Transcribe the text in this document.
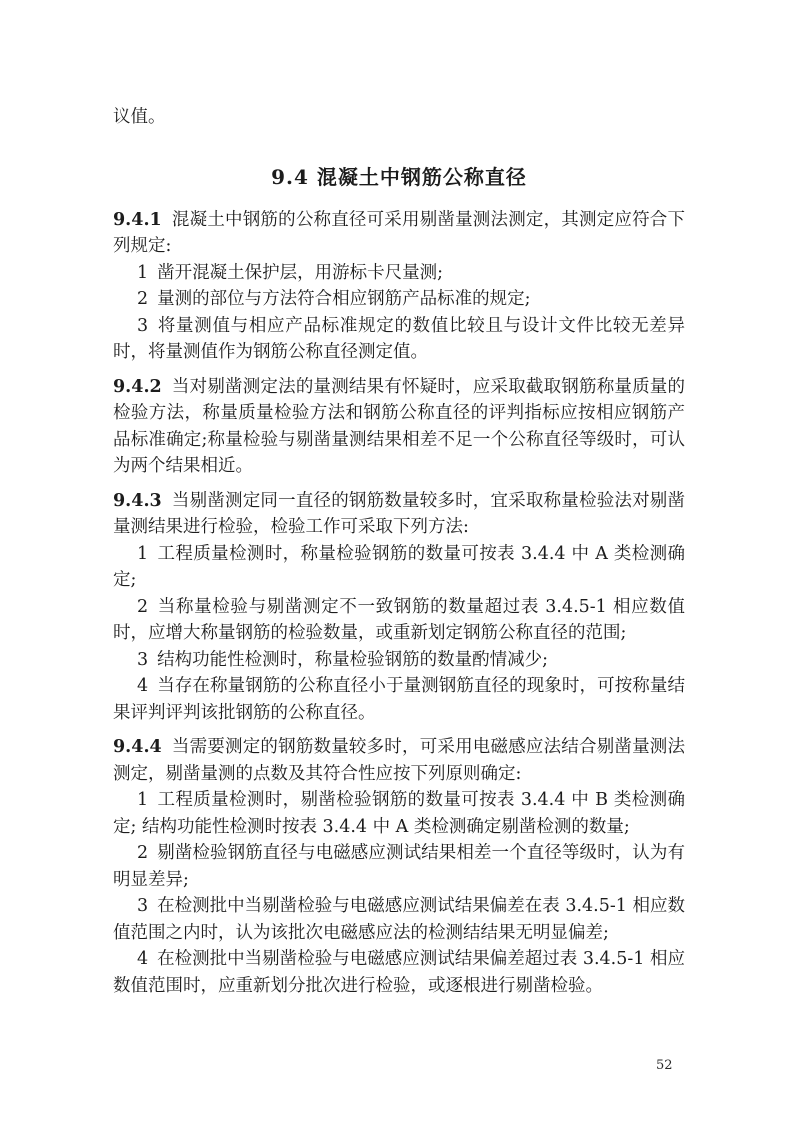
议值。

9.4 混凝土中钢筋公称直径

9.4.1 混凝土中钢筋的公称直径可采用剔凿量测法测定，其测定应符合下列规定:

1 凿开混凝土保护层，用游标卡尺量测;

2 量测的部位与方法符合相应钢筋产品标准的规定;

3 将量测值与相应产品标准规定的数值比较且与设计文件比较无差异时，将量测值作为钢筋公称直径测定值。

9.4.2 当对剔凿测定法的量测结果有怀疑时，应采取截取钢筋称量质量的检验方法，称量质量检验方法和钢筋公称直径的评判指标应按相应钢筋产品标准确定;称量检验与剔凿量测结果相差不足一个公称直径等级时，可认为两个结果相近。

9.4.3 当剔凿测定同一直径的钢筋数量较多时，宜采取称量检验法对剔凿量测结果进行检验，检验工作可采取下列方法:

1 工程质量检测时，称量检验钢筋的数量可按表 3.4.4 中 A 类检测确定;

2 当称量检验与剔凿测定不一致钢筋的数量超过表 3.4.5-1 相应数值时，应增大称量钢筋的检验数量，或重新划定钢筋公称直径的范围;

3 结构功能性检测时，称量检验钢筋的数量酌情减少;

4 当存在称量钢筋的公称直径小于量测钢筋直径的现象时，可按称量结果评判评判该批钢筋的公称直径。

9.4.4 当需要测定的钢筋数量较多时，可采用电磁感应法结合剔凿量测法测定，剔凿量测的点数及其符合性应按下列原则确定:

1 工程质量检测时，剔凿检验钢筋的数量可按表 3.4.4 中 B 类检测确定; 结构功能性检测时按表 3.4.4 中 A 类检测确定剔凿检测的数量;

2 剔凿检验钢筋直径与电磁感应测试结果相差一个直径等级时，认为有明显差异;

3 在检测批中当剔凿检验与电磁感应测试结果偏差在表 3.4.5-1 相应数值范围之内时，认为该批次电磁感应法的检测结结果无明显偏差;

4 在检测批中当剔凿检验与电磁感应测试结果偏差超过表 3.4.5-1 相应数值范围时，应重新划分批次进行检验，或逐根进行剔凿检验。

52
